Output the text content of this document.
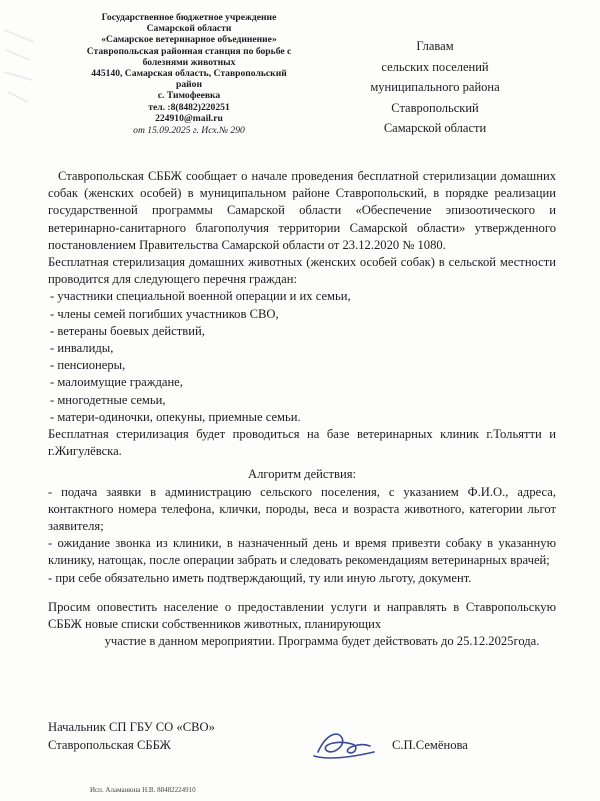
Государственное бюджетное учреждение
Самарской области
«Самарское ветеринарное объединение»
Ставропольская районная станция по борьбе с
болезнями животных
445140, Самарская область, Ставропольский
район
с. Тимофеевка
тел. :8(8482)220251
224910@mail.ru
от 15.09.2025 г. Исх.№ 290
Главам
сельских поселений
муниципального района
Ставропольский
Самарской области
Ставропольская СББЖ сообщает о начале проведения бесплатной стерилизации домашних собак (женских особей) в муниципальном районе Ставропольский, в порядке реализации государственной программы Самарской области «Обеспечение эпизоотического и ветеринарно-санитарного благополучия территории Самарской области» утвержденного постановлением Правительства Самарской области от 23.12.2020 № 1080.
Бесплатная стерилизация домашних животных (женских особей собак) в сельской местности проводится для следующего перечня граждан:
- участники специальной военной операции и их семьи,
- члены семей погибших участников СВО,
- ветераны боевых действий,
- инвалиды,
- пенсионеры,
- малоимущие граждане,
- многодетные семьи,
- матери-одиночки, опекуны, приемные семьи.
Бесплатная стерилизация будет проводиться на базе ветеринарных клиник г.Тольятти и г.Жигулёвска.
Алгоритм действия:
- подача заявки в администрацию сельского поселения, с указанием Ф.И.О., адреса, контактного номера телефона, клички, породы, веса и возраста животного, категории льгот заявителя;
- ожидание звонка из клиники, в назначенный день и время привезти собаку в указанную клинику, натощак, после операции забрать и следовать рекомендациям ветеринарных врачей;
- при себе обязательно иметь подтверждающий, ту или иную льготу, документ.
Просим оповестить население о предоставлении услуги и направлять в Ставропольскую СББЖ новые списки собственников животных, планирующих
участие в данном мероприятии. Программа будет действовать до 25.12.2025года.
Начальник СП ГБУ СО «СВО»
Ставропольская СББЖ	С.П.Семёнова
Исп. Аламанюна Н.В. 88482224910
